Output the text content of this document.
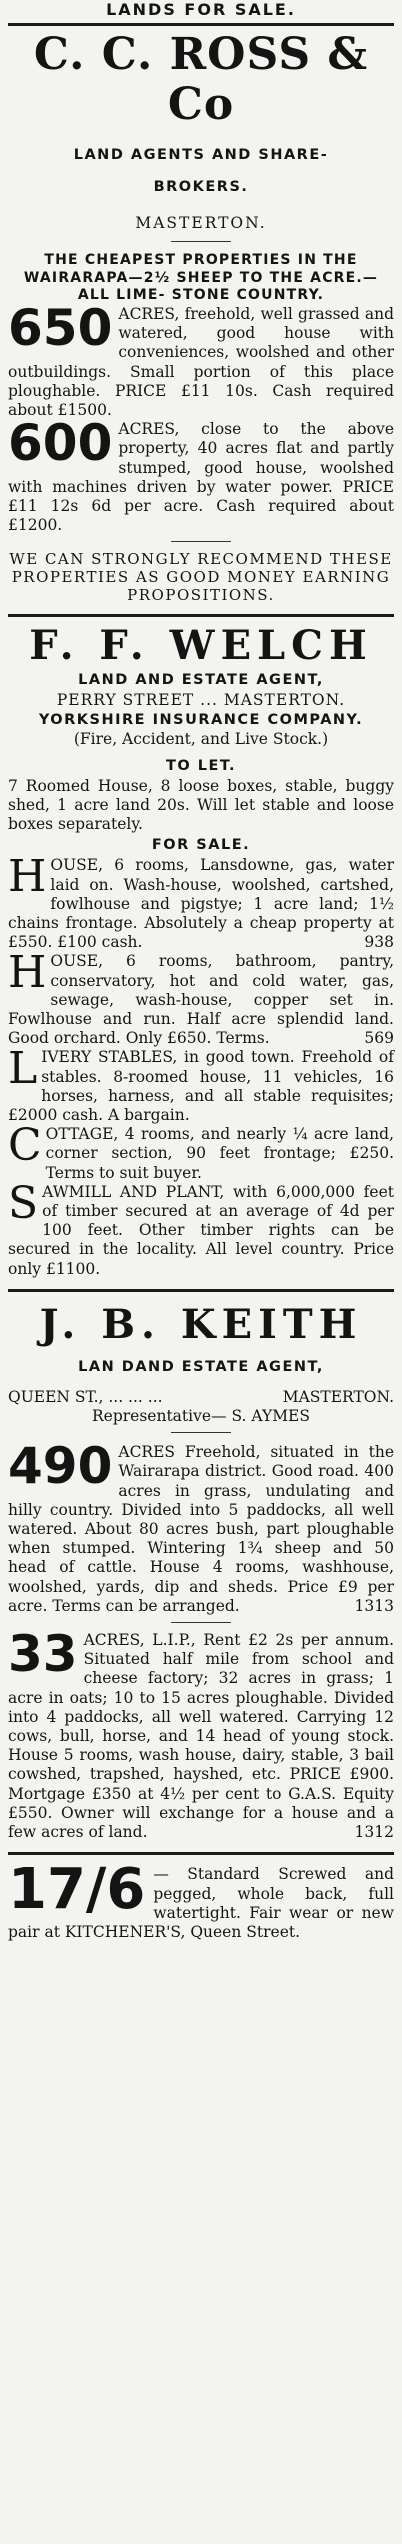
LANDS FOR SALE.
C. C. ROSS & Co
LAND AGENTS AND SHARE-
BROKERS.
MASTERTON.
THE CHEAPEST PROPERTIES IN THE WAIRARAPA—2½ SHEEP TO THE ACRE.— ALL LIME- STONE COUNTRY.
650 ACRES, freehold, well grassed and watered, good house with conveniences, woolshed and other outbuildings. Small portion of this place ploughable. PRICE £11 10s. Cash required about £1500.
600 ACRES, close to the above property, 40 acres flat and partly stumped, good house, woolshed with machines driven by water power. PRICE £11 12s 6d per acre. Cash required about £1200.
WE CAN STRONGLY RECOMMEND THESE PROPERTIES AS GOOD MONEY EARNING PROPOSITIONS.
F. F. WELCH
LAND AND ESTATE AGENT,
PERRY STREET ... MASTERTON.
YORKSHIRE INSURANCE COMPANY.
(Fire, Accident, and Live Stock.)
TO LET.
7 Roomed House, 8 loose boxes, stable, buggy shed, 1 acre land 20s. Will let stable and loose boxes separately.
FOR SALE.
H OUSE, 6 rooms, Lansdowne, gas, water laid on. Wash-house, woolshed, cartshed, fowlhouse and pigstye; 1 acre land; 1½ chains frontage. Absolutely a cheap property at £550. £100 cash.	938
H OUSE, 6 rooms, bathroom, pantry, conservatory, hot and cold water, gas, sewage, wash-house, copper set in. Fowlhouse and run. Half acre splendid land. Good orchard. Only £650. Terms.	569
L IVERY STABLES, in good town. Freehold of stables. 8-roomed house, 11 vehicles, 16 horses, harness, and all stable requisites; £2000 cash. A bargain.
C OTTAGE, 4 rooms, and nearly ¼ acre land, corner section, 90 feet frontage; £250. Terms to suit buyer.
S AWMILL AND PLANT, with 6,000,000 feet of timber secured at an average of 4d per 100 feet. Other timber rights can be secured in the locality. All level country. Price only £1100.
J. B. KEITH
LAN DAND ESTATE AGENT,
QUEEN ST., ... ... ...	MASTERTON.
Representative— S. AYMES
490 ACRES Freehold, situated in the Wairarapa district. Good road. 400 acres in grass, undulating and hilly country. Divided into 5 paddocks, all well watered. About 80 acres bush, part ploughable when stumped. Wintering 1¾ sheep and 50 head of cattle. House 4 rooms, washhouse, woolshed, yards, dip and sheds. Price £9 per acre. Terms can be arranged.	1313
33 ACRES, L.I.P., Rent £2 2s per annum. Situated half mile from school and cheese factory; 32 acres in grass; 1 acre in oats; 10 to 15 acres ploughable. Divided into 4 paddocks, all well watered. Carrying 12 cows, bull, horse, and 14 head of young stock. House 5 rooms, wash house, dairy, stable, 3 bail cowshed, trapshed, hayshed, etc. PRICE £900. Mortgage £350 at 4½ per cent to G.A.S. Equity £550. Owner will exchange for a house and a few acres of land.	1312
17/6 — Standard Screwed and pegged, whole back, full watertight. Fair wear or new pair at KITCHENER'S, Queen Street.
